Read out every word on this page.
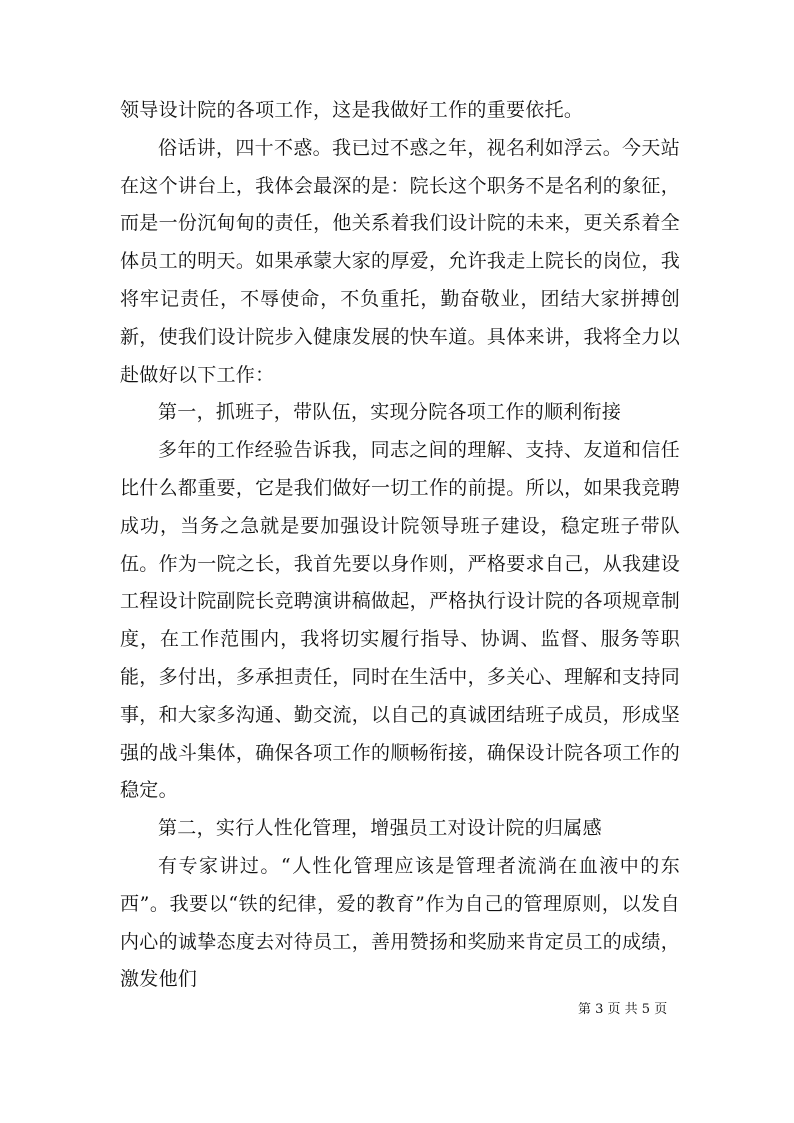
领导设计院的各项工作，这是我做好工作的重要依托。

俗话讲，四十不惑。我已过不惑之年，视名利如浮云。今天站在这个讲台上，我体会最深的是：院长这个职务不是名利的象征，而是一份沉甸甸的责任，他关系着我们设计院的未来，更关系着全体员工的明天。如果承蒙大家的厚爱，允许我走上院长的岗位，我将牢记责任，不辱使命，不负重托，勤奋敬业，团结大家拼搏创新，使我们设计院步入健康发展的快车道。具体来讲，我将全力以赴做好以下工作：

第一，抓班子，带队伍，实现分院各项工作的顺利衔接

多年的工作经验告诉我，同志之间的理解、支持、友道和信任比什么都重要，它是我们做好一切工作的前提。所以，如果我竞聘成功，当务之急就是要加强设计院领导班子建设，稳定班子带队伍。作为一院之长，我首先要以身作则，严格要求自己，从我建设工程设计院副院长竞聘演讲稿做起，严格执行设计院的各项规章制度，在工作范围内，我将切实履行指导、协调、监督、服务等职能，多付出，多承担责任，同时在生活中，多关心、理解和支持同事，和大家多沟通、勤交流，以自己的真诚团结班子成员，形成坚强的战斗集体，确保各项工作的顺畅衔接，确保设计院各项工作的稳定。

第二，实行人性化管理，增强员工对设计院的归属感

有专家讲过。“人性化管理应该是管理者流淌在血液中的东西”。我要以“铁的纪律，爱的教育”作为自己的管理原则，以发自内心的诚挚态度去对待员工，善用赞扬和奖励来肯定员工的成绩，激发他们

第 3 页 共 5 页
